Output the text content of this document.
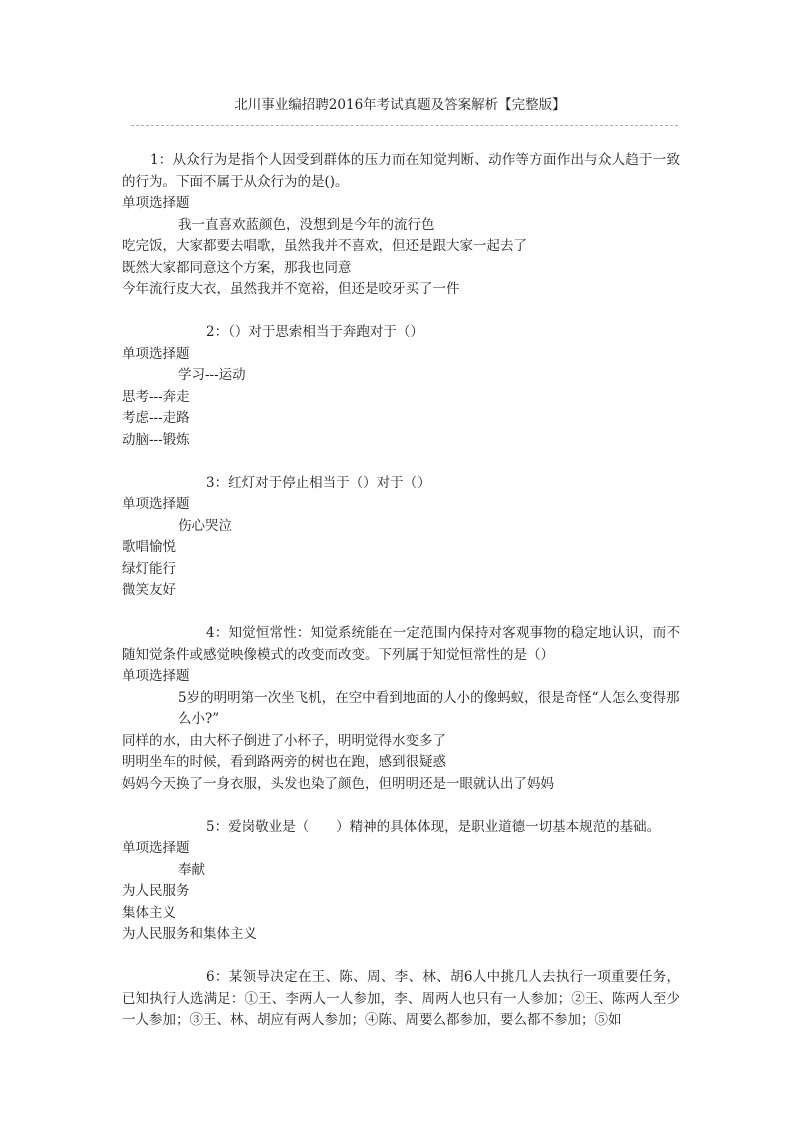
北川事业编招聘2016年考试真题及答案解析【完整版】

1：从众行为是指个人因受到群体的压力而在知觉判断、动作等方面作出与众人趋于一致的行为。下面不属于从众行为的是()。

单项选择题

我一直喜欢蓝颜色，没想到是今年的流行色

吃完饭，大家都要去唱歌，虽然我并不喜欢，但还是跟大家一起去了

既然大家都同意这个方案，那我也同意

今年流行皮大衣，虽然我并不宽裕，但还是咬牙买了一件

2：（）对于思索相当于奔跑对于（）

单项选择题

学习---运动

思考---奔走

考虑---走路

动脑---锻炼

3：红灯对于停止相当于（）对于（）

单项选择题

伤心哭泣

歌唱愉悦

绿灯能行

微笑友好

4：知觉恒常性：知觉系统能在一定范围内保持对客观事物的稳定地认识，而不随知觉条件或感觉映像模式的改变而改变。下列属于知觉恒常性的是（）

单项选择题

5岁的明明第一次坐飞机，在空中看到地面的人小的像蚂蚁，很是奇怪“人怎么变得那么小?”

同样的水，由大杯子倒进了小杯子，明明觉得水变多了

明明坐车的时候，看到路两旁的树也在跑，感到很疑惑

妈妈今天换了一身衣服，头发也染了颜色，但明明还是一眼就认出了妈妈

5：爱岗敬业是（　　）精神的具体体现，是职业道德一切基本规范的基础。

单项选择题

奉献

为人民服务

集体主义

为人民服务和集体主义

6：某领导决定在王、陈、周、李、林、胡6人中挑几人去执行一项重要任务，已知执行人选满足：①王、李两人一人参加，李、周两人也只有一人参加；②王、陈两人至少一人参加；③王、林、胡应有两人参加；④陈、周要么都参加，要么都不参加；⑤如
